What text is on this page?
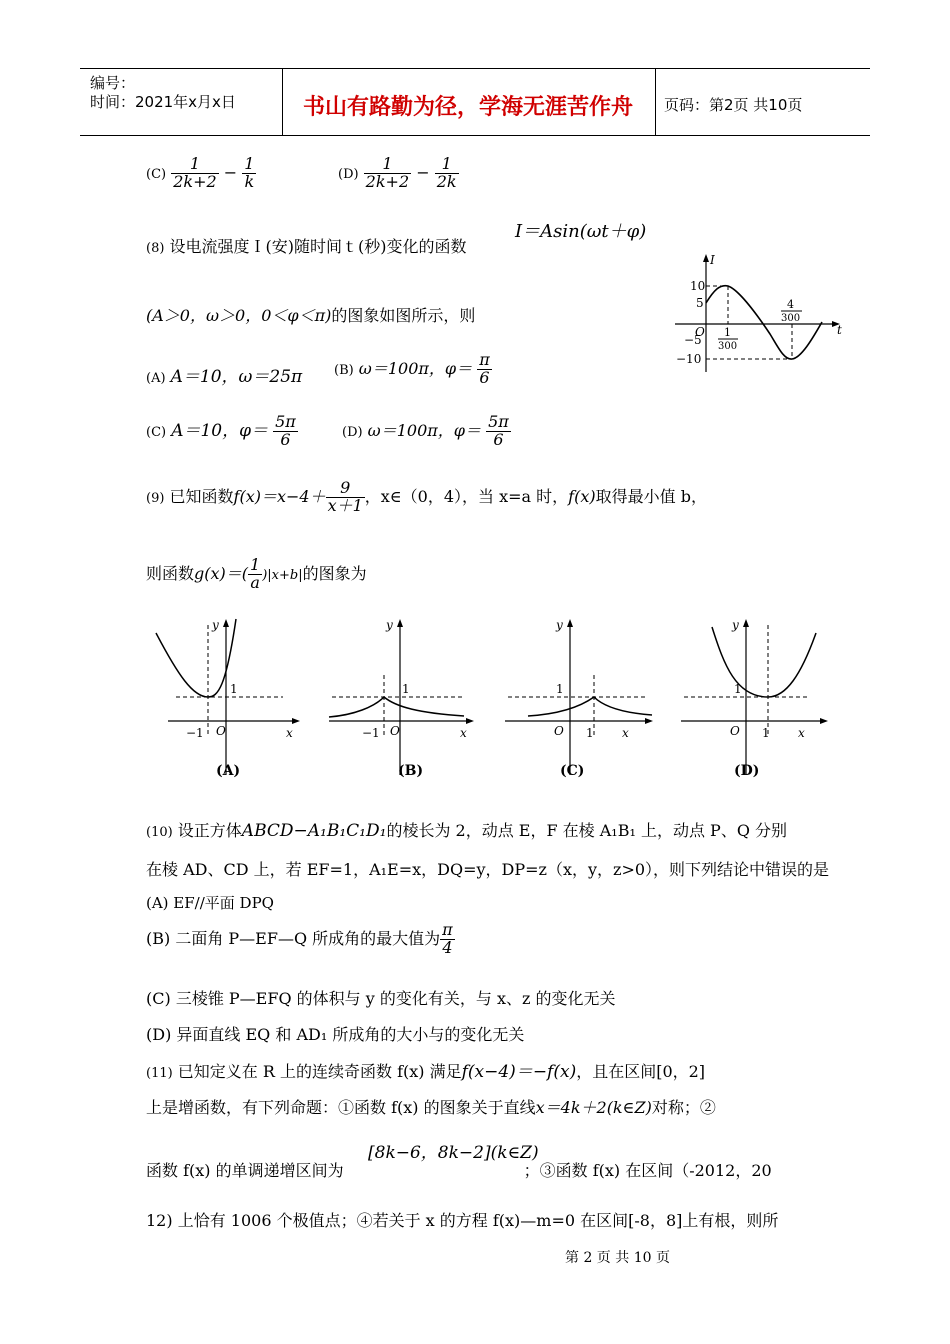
编号：
时间：2021年x月x日	书山有路勤为径，学海无涯苦作舟 页码：第2页 共10页
$(C) \frac{1}{2k+2} - \frac{1}{k}$	$(D) \frac{1}{2k+2} - \frac{1}{2k}$
(8) 设电流强度Ｉ(安)随时间ｔ(秒)变化的函数
I＝Asin(ωt＋φ)
(A＞0，ω＞0，0＜φ＜π)的图象如图所示，则
(A) A＝10，ω＝25π (B) ω＝100π，$\varphi= \frac{\pi}{6}$
(C) A＝10，$\varphi= \frac{5\pi}{6}$	(D) ω＝100π，$\varphi= \frac{5\pi}{6}$
I
t
O
10
5
−5
−10
1
300
4
300
(9) 已知函数$f(x)=x-4+ \frac{9}{x+1}$ ，x∈（0，4），当 x=a 时，f(x)取得最小值 b，
则函数$g(x)=( \frac{1}{a} )|x+b|$的图象为
y
x
O
1
−1
(A)
y
x
O
1
−1
(B)
y
x
O
1
1
(C)
y
x
O
1
1
(D)
(10) 设正方体ABCD−A₁B₁C₁D₁的棱长为 2，动点 E，F 在棱 A₁B₁ 上，动点 P、Q 分别
在棱 AD、CD 上，若 EF=1，A₁E=x，DQ=y，DP=z（x，y，z>0），则下列结论中错误的是
(A) EF//平面 DPQ
(B) 二面角 P—EF—Q 所成角的最大值为 $\frac{\pi}{4}$
(C) 三棱锥 P—EFQ 的体积与 y 的变化有关，与 x、z 的变化无关
(D) 异面直线 EQ 和 AD₁ 所成角的大小与的变化无关
(11) 已知定义在 R 上的连续奇函数 f(x) 满足f(x−4)＝−f(x)，且在区间[0，2]
上是增函数，有下列命题：①函数 f(x) 的图象关于直线x＝4k＋2(k∈Z)对称；②
[8k−6，8k−2](k∈Z)
函数 f(x) 的单调递增区间为	；③函数 f(x) 在区间（-2012，20
12) 上恰有 1006 个极值点；④若关于 x 的方程 f(x)—m=0 在区间[-8，8]上有根，则所
第 2 页 共 10 页
